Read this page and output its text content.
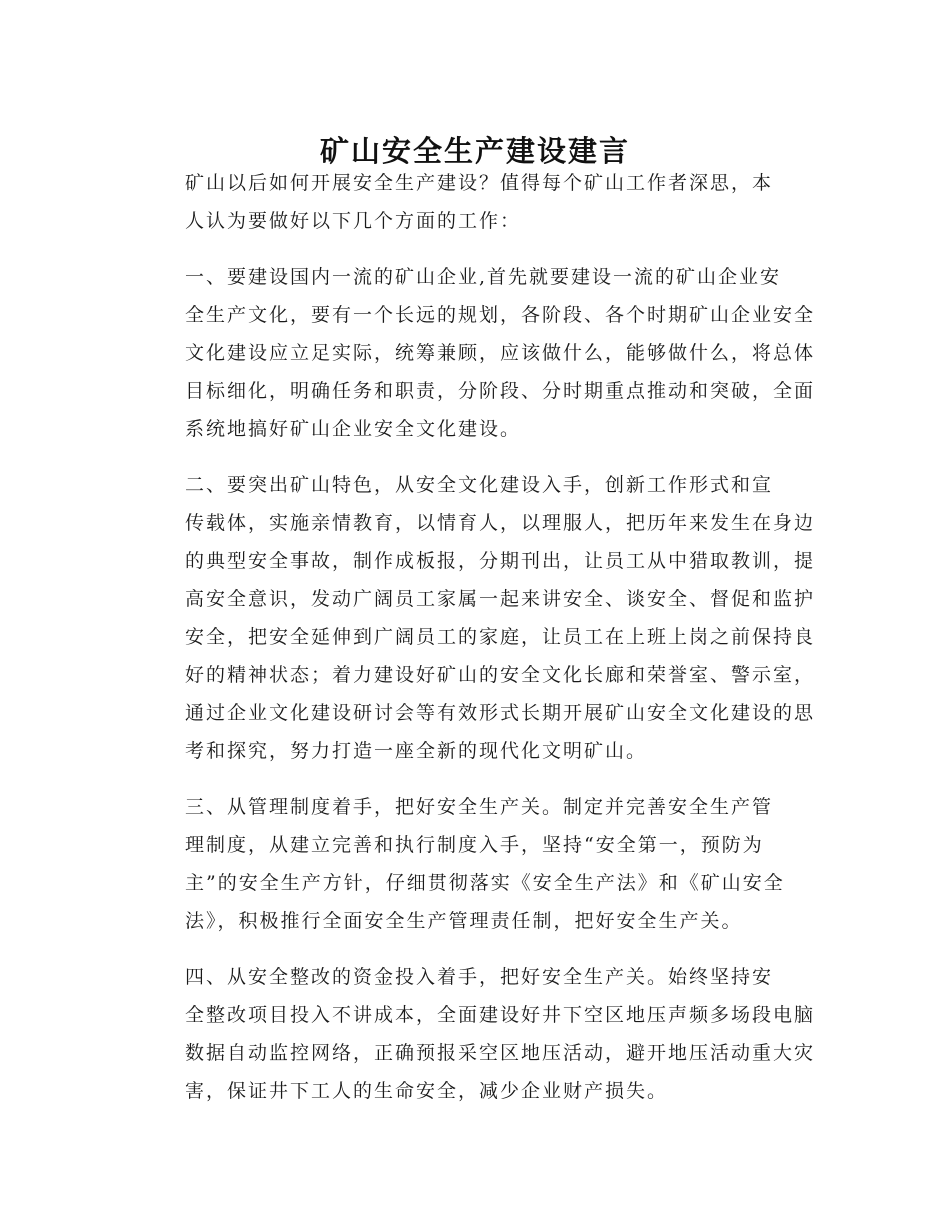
矿山安全生产建设建言

矿山以后如何开展安全生产建设？值得每个矿山工作者深思，本
人认为要做好以下几个方面的工作：

一、要建设国内一流的矿山企业,首先就要建设一流的矿山企业安
全生产文化，要有一个长远的规划，各阶段、各个时期矿山企业安全
文化建设应立足实际，统筹兼顾，应该做什么，能够做什么，将总体
目标细化，明确任务和职责，分阶段、分时期重点推动和突破，全面
系统地搞好矿山企业安全文化建设。

二、要突出矿山特色，从安全文化建设入手，创新工作形式和宣
传载体，实施亲情教育，以情育人，以理服人，把历年来发生在身边
的典型安全事故，制作成板报，分期刊出，让员工从中猎取教训，提
高安全意识，发动广阔员工家属一起来讲安全、谈安全、督促和监护
安全，把安全延伸到广阔员工的家庭，让员工在上班上岗之前保持良
好的精神状态；着力建设好矿山的安全文化长廊和荣誉室、警示室，
通过企业文化建设研讨会等有效形式长期开展矿山安全文化建设的思
考和探究，努力打造一座全新的现代化文明矿山。

三、从管理制度着手，把好安全生产关。制定并完善安全生产管
理制度，从建立完善和执行制度入手，坚持“安全第一，预防为
主”的安全生产方针，仔细贯彻落实《安全生产法》和《矿山安全
法》，积极推行全面安全生产管理责任制，把好安全生产关。

四、从安全整改的资金投入着手，把好安全生产关。始终坚持安
全整改项目投入不讲成本，全面建设好井下空区地压声频多场段电脑
数据自动监控网络，正确预报采空区地压活动，避开地压活动重大灾
害，保证井下工人的生命安全，减少企业财产损失。
